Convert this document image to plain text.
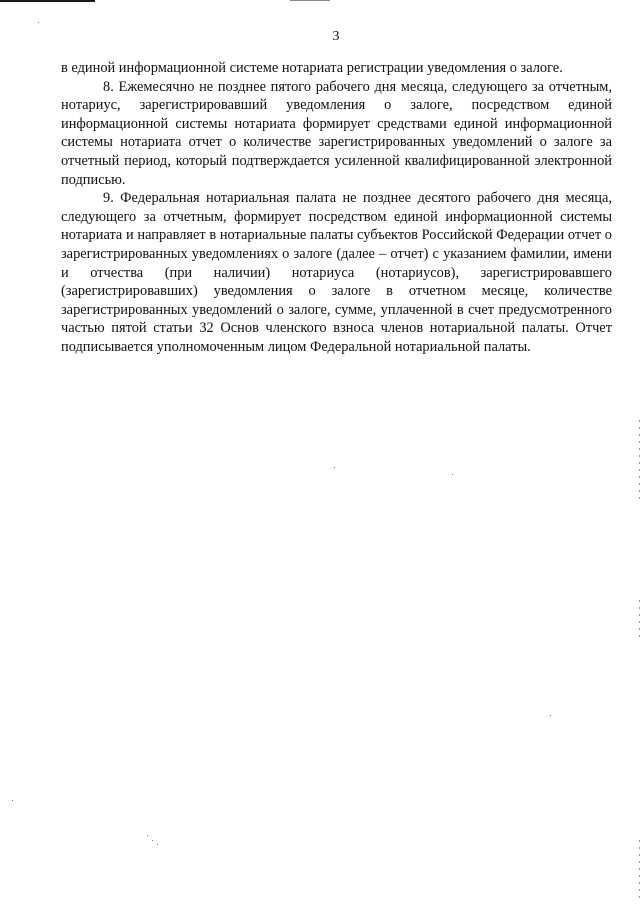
3

в единой информационной системе нотариата регистрации уведомления о залоге.

8. Ежемесячно не позднее пятого рабочего дня месяца, следующего за отчетным, нотариус, зарегистрировавший уведомления о залоге, посредством единой информационной системы нотариата формирует средствами единой информационной системы нотариата отчет о количестве зарегистрированных уведомлений о залоге за отчетный период, который подтверждается усиленной квалифицированной электронной подписью.

9. Федеральная нотариальная палата не позднее десятого рабочего дня месяца, следующего за отчетным, формирует посредством единой информационной системы нотариата и направляет в нотариальные палаты субъектов Российской Федерации отчет о зарегистрированных уведомлениях о залоге (далее – отчет) с указанием фамилии, имени и отчества (при наличии) нотариуса (нотариусов), зарегистрировавшего (зарегистрировавших) уведомления о залоге в отчетном месяце, количестве зарегистрированных уведомлений о залоге, сумме, уплаченной в счет предусмотренного частью пятой статьи 32 Основ членского взноса членов нотариальной палаты. Отчет подписывается уполномоченным лицом Федеральной нотариальной палаты.
